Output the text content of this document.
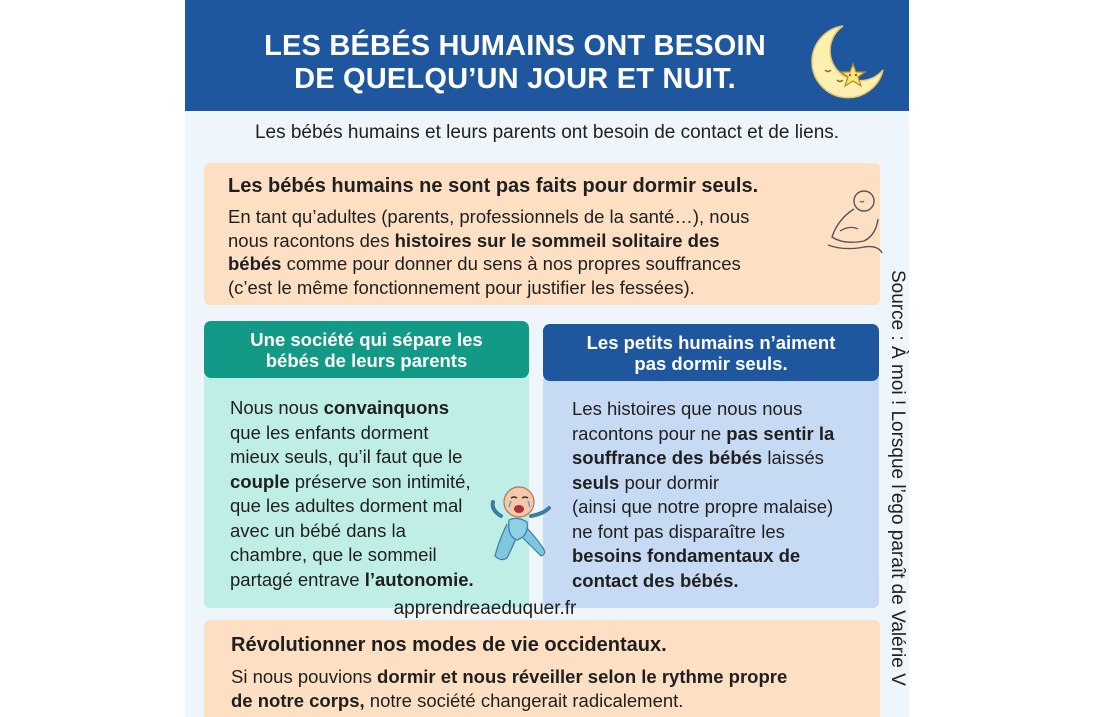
LES BÉBÉS HUMAINS ONT BESOIN
DE QUELQU’UN JOUR ET NUIT.
Les bébés humains et leurs parents ont besoin de contact et de liens.
Les bébés humains ne sont pas faits pour dormir seuls.
En tant qu’adultes (parents, professionnels de la santé…), nous
nous racontons des histoires sur le sommeil solitaire des
bébés comme pour donner du sens à nos propres souffrances
(c’est le même fonctionnement pour justifier les fessées).
Une société qui sépare les
bébés de leurs parents
Nous nous convainquons
que les enfants dorment
mieux seuls, qu’il faut que le
couple préserve son intimité,
que les adultes dorment mal
avec un bébé dans la
chambre, que le sommeil
partagé entrave l’autonomie.
Les petits humains n’aiment
pas dormir seuls.
Les histoires que nous nous
racontons pour ne pas sentir la
souffrance des bébés laissés
seuls pour dormir
(ainsi que notre propre malaise)
ne font pas disparaître les
besoins fondamentaux de
contact des bébés.
Révolutionner nos modes de vie occidentaux.
Si nous pouvions dormir et nous réveiller selon le rythme propre
de notre corps, notre société changerait radicalement.
apprendreaeduquer.fr	Source : À moi ! Lorsque l’ego paraît de Valérie V
